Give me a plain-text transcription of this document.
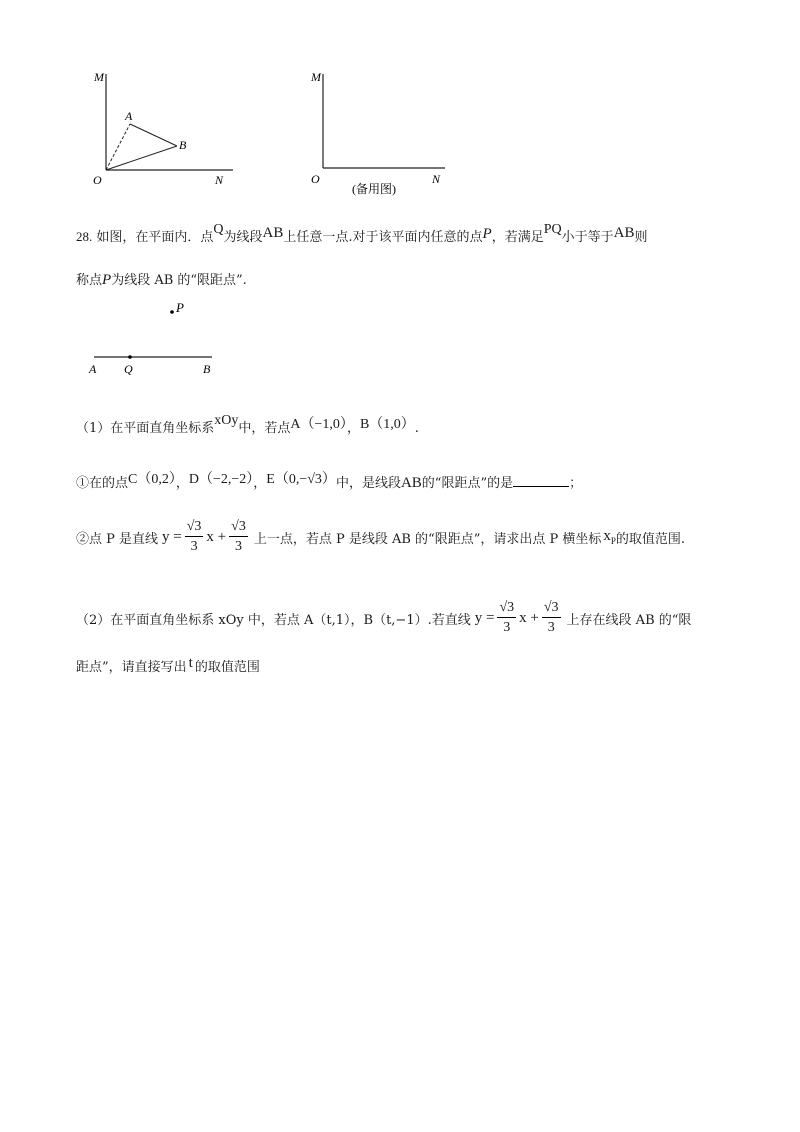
M
A
B
O	N
M
O	N
(备用图)
28. 如图，在平面内．点Q为线段AB上任意一点.对于该平面内任意的点P，若满足PQ小于等于AB则
称点P为线段 AB 的“限距点”.
P
A Q	B
（1）在平面直角坐标系xOy中，若点A（−1,0），B（1,0）.
①在的点C（0,2），D（−2,−2），E（0,−√3）中，是线段AB的“限距点”的是	；
②点 P 是直线 $y = \frac{√3}{3}$ $x + \frac{√3}{3}$ 上一点，若点 P 是线段 AB 的“限距点”，请求出点 P 横坐标 $x_P$ 的取值范围.
（2）在平面直角坐标系 xOy 中，若点 A（t,1），B（t,−1）.若直线 $y = \frac{√3}{3}$ $x + \frac{√3}{3}$ 上存在线段 AB 的“限
距点”，请直接写出 t 的取值范围
